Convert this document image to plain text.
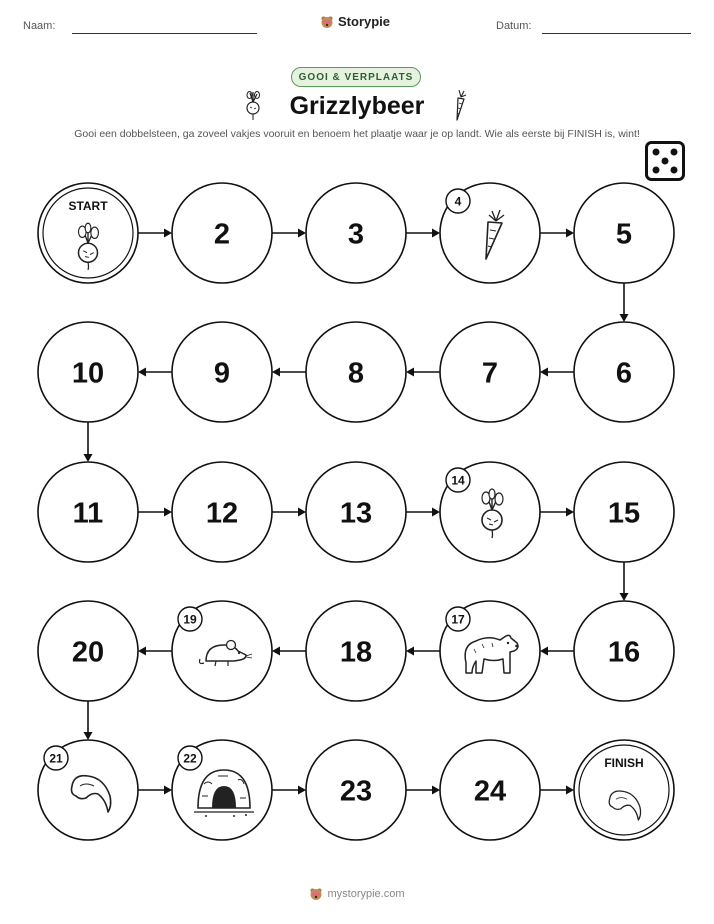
Naam:	Storypie	Datum:
GOOI & VERPLAATS
Grizzlybeer
Gooi een dobbelsteen, ga zoveel vakjes vooruit en benoem het plaatje waar je op landt. Wie als eerste bij FINISH is, wint!
START
2	3
4
5
6
7
8
9
10
11	12	13
14
15
16
17
18
19
20
21	22
23	24
FINISH
mystorypie.com
